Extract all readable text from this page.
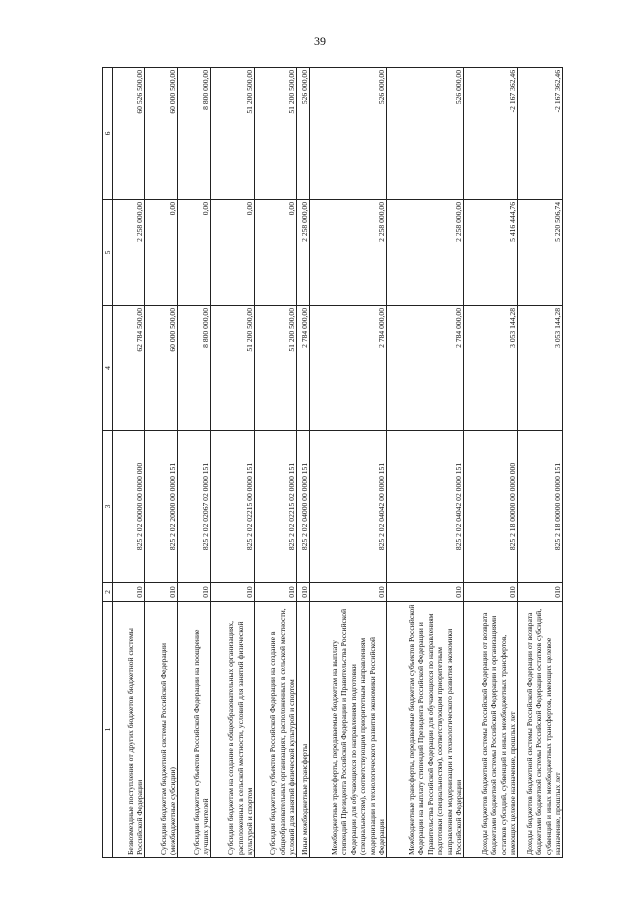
39
1	2	3	4	5	6
Безвозмездные поступления от других бюджетов бюджетной системы Российской Федерации	010	825 2 02 00000 00 0000 000	62 784 500,00	2 258 000,00	60 526 500,00
Субсидии бюджетам бюджетной системы Российской Федерации (межбюджетные субсидии)	010	825 2 02 20000 00 0000 151	60 000 500,00	0,00	60 000 500,00
Субсидии бюджетам субъектов Российской Федерации на поощрение лучших учителей	010	825 2 02 02067 02 0000 151	8 800 000,00	0,00	8 800 000,00
Субсидии бюджетам на создание в общеобразовательных организациях, расположенных в сельской местности, условий для занятий физической культурой и спортом	010	825 2 02 02215 00 0000 151	51 200 500,00	0,00	51 200 500,00
Субсидии бюджетам субъектов Российской Федерации на создание в общеобразовательных организациях, расположенных в сельской местности, условий для занятий физической культурой и спортом	010	825 2 02 02215 02 0000 151	51 200 500,00	0,00	51 200 500,00
Иные межбюджетные трансферты	010	825 2 02 04000 00 0000 151	2 784 000,00	2 258 000,00	526 000,00
Межбюджетные трансферты, передаваемые бюджетам на выплату стипендий Президента Российской Федерации и Правительства Российской Федерации для обучающихся по направлениям подготовки (специальностям), соответствующим приоритетным направлениям модернизации и технологического развития экономики Российской Федерации	010	825 2 02 04042 00 0000 151	2 784 000,00	2 258 000,00	526 000,00
Межбюджетные трансферты, передаваемые бюджетам субъектов Российской Федерации на выплату стипендий Президента Российской Федерации и Правительства Российской Федерации для обучающихся по направлениям подготовки (специальностям), соответствующим приоритетным направлениям модернизации и технологического развития экономики Российской Федерации	010	825 2 02 04042 02 0000 151	2 784 000,00	2 258 000,00	526 000,00
Доходы бюджетов бюджетной системы Российской Федерации от возврата бюджетами бюджетной системы Российской Федерации и организациями остатков субсидий, субвенций и иных межбюджетных трансфертов, имеющих целевое назначение, прошлых лет	010	825 2 18 00000 00 0000 000	3 053 144,28	5 416 444,76	-2 167 362,46
Доходы бюджетов бюджетной системы Российской Федерации от возврата бюджетами бюджетной системы Российской Федерации остатков субсидий, субвенций и иных межбюджетных трансфертов, имеющих целевое назначение, прошлых лет	010	825 2 18 00000 00 0000 151	3 053 144,28	5 220 506,74	-2 167 362,46
